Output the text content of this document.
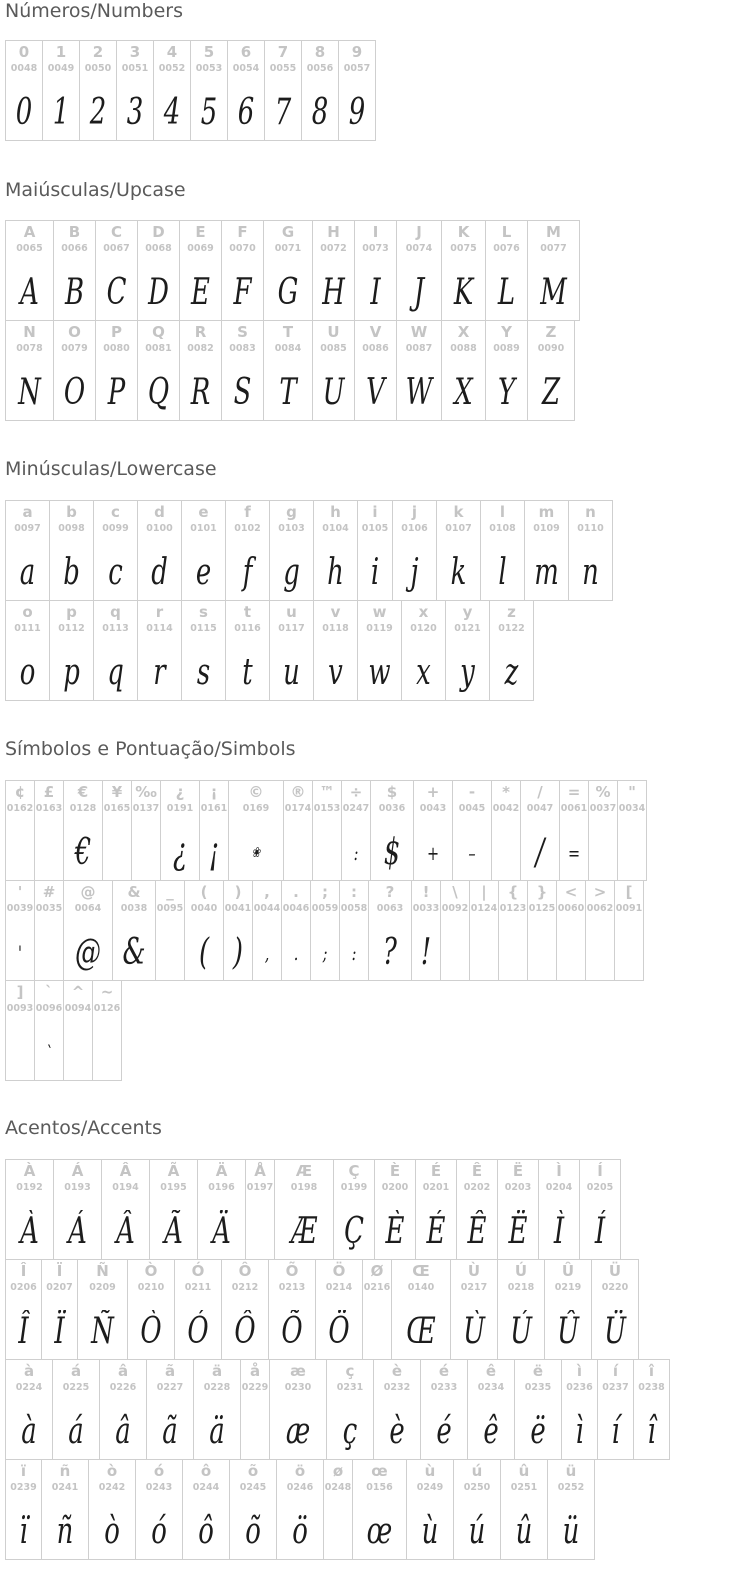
Números/Numbers
0
0048
0
1
0049
1
2
0050
2
3
0051
3
4
0052
4
5
0053
5
6
0054
6
7
0055
7
8
0056
8
9
0057
9
Maiúsculas/Upcase
A
0065
A
B
0066
B
C
0067
C
D
0068
D
E
0069
E
F
0070
F
G
0071
G
H
0072
H
I
0073
I
J
0074
J
K
0075
K
L
0076
L
M
0077
M
N
0078
N
O
0079
O
P
0080
P
Q
0081
Q
R
0082
R
S
0083
S
T
0084
T
U
0085
U
V
0086
V
W
0087
W
X
0088
X
Y
0089
Y
Z
0090
Z
Minúsculas/Lowercase
a
0097
a
b
0098
b
c
0099
c
d
0100
d
e
0101
e
f
0102
f
g
0103
g
h
0104
h
i
0105
i
j
0106
j
k
0107
k
l
0108
l
m
0109
m
n
0110
n
o
0111
o
p
0112
p
q
0113
q
r
0114
r
s
0115
s
t
0116
t
u
0117
u
v
0118
v
w
0119
w
x
0120
x
y
0121
y
z
0122
z
Símbolos e Pontuação/Simbols
¢
0162
£
0163
€
0128
€
¥
0165
‰
0137
¿
0191
¿
¡
0161
¡
©
0169
❀
®
0174
™
0153
÷
0247
:
$
0036
$
+
0043
+
-
0045
–
*
0042
/
0047
/
=
0061
=
%
0037
"
0034
'
0039
'
#
0035
@
0064
@
&
0038
&
_
0095
(
0040
(
)
0041
)
,
0044
,
.
0046
.
;
0059
;
:
0058
:
?
0063
?
!
0033
!
\
0092
|
0124
{
0123
}
0125
<
0060
>
0062
[
0091
]
0093
`
0096
`
^
0094
~
0126
Acentos/Accents
À
0192
À
Á
0193
Á
Â
0194
Â
Ã
0195
Ã
Ä
0196
Ä
Å
0197
Æ
0198
Æ
Ç
0199
Ç
È
0200
È
É
0201
É
Ê
0202
Ê
Ë
0203
Ë
Ì
0204
Ì
Í
0205
Í
Î
0206
Î
Ï
0207
Ï
Ñ
0209
Ñ
Ò
0210
Ò
Ó
0211
Ó
Ô
0212
Ô
Õ
0213
Õ
Ö
0214
Ö
Ø
0216
Œ
0140
Œ
Ù
0217
Ù
Ú
0218
Ú
Û
0219
Û
Ü
0220
Ü
à
0224
à
á
0225
á
â
0226
â
ã
0227
ã
ä
0228
ä
å
0229
æ
0230
æ
ç
0231
ç
è
0232
è
é
0233
é
ê
0234
ê
ë
0235
ë
ì
0236
ì
í
0237
í
î
0238
î
ï
0239
ï
ñ
0241
ñ
ò
0242
ò
ó
0243
ó
ô
0244
ô
õ
0245
õ
ö
0246
ö
ø
0248
œ
0156
œ
ù
0249
ù
ú
0250
ú
û
0251
û
ü
0252
ü
